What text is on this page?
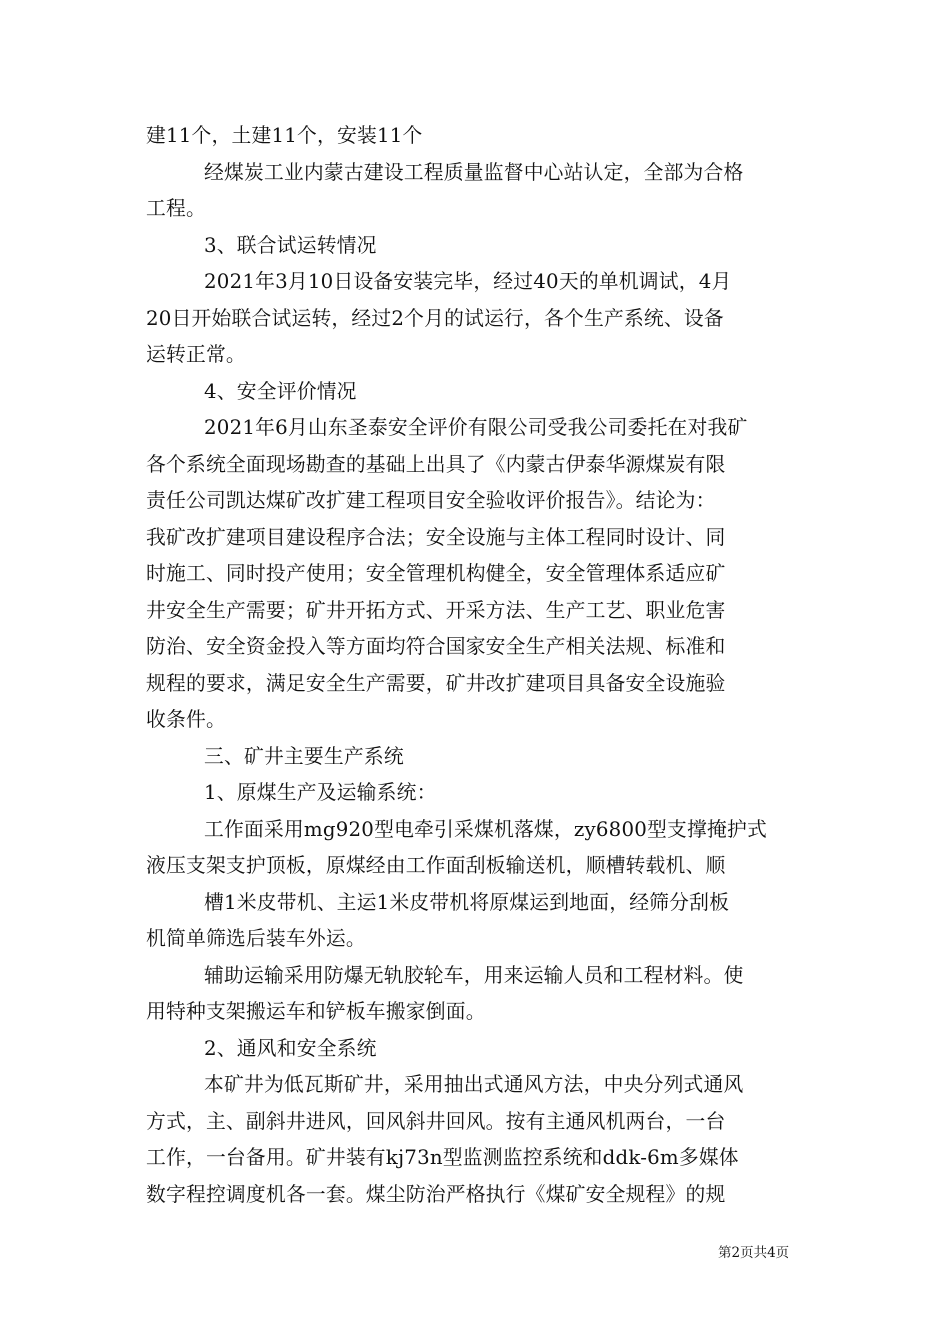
建11个，土建11个，安装11个
经煤炭工业内蒙古建设工程质量监督中心站认定，全部为合格
工程。
3、联合试运转情况
2021年3月10日设备安装完毕，经过40天的单机调试，4月
20日开始联合试运转，经过2个月的试运行，各个生产系统、设备
运转正常。
4、安全评价情况
2021年6月山东圣泰安全评价有限公司受我公司委托在对我矿
各个系统全面现场勘查的基础上出具了《内蒙古伊泰华源煤炭有限
责任公司凯达煤矿改扩建工程项目安全验收评价报告》。结论为：
我矿改扩建项目建设程序合法；安全设施与主体工程同时设计、同
时施工、同时投产使用；安全管理机构健全，安全管理体系适应矿
井安全生产需要；矿井开拓方式、开采方法、生产工艺、职业危害
防治、安全资金投入等方面均符合国家安全生产相关法规、标准和
规程的要求，满足安全生产需要，矿井改扩建项目具备安全设施验
收条件。
三、矿井主要生产系统
1、原煤生产及运输系统：
工作面采用mg920型电牵引采煤机落煤，zy6800型支撑掩护式
液压支架支护顶板，原煤经由工作面刮板输送机，顺槽转载机、顺
槽1米皮带机、主运1米皮带机将原煤运到地面，经筛分刮板
机简单筛选后装车外运。
辅助运输采用防爆无轨胶轮车，用来运输人员和工程材料。使
用特种支架搬运车和铲板车搬家倒面。
2、通风和安全系统
本矿井为低瓦斯矿井，采用抽出式通风方法，中央分列式通风
方式，主、副斜井进风，回风斜井回风。按有主通风机两台，一台
工作，一台备用。矿井装有kj73n型监测监控系统和ddk-6m多媒体
数字程控调度机各一套。煤尘防治严格执行《煤矿安全规程》的规
第2页共4页
